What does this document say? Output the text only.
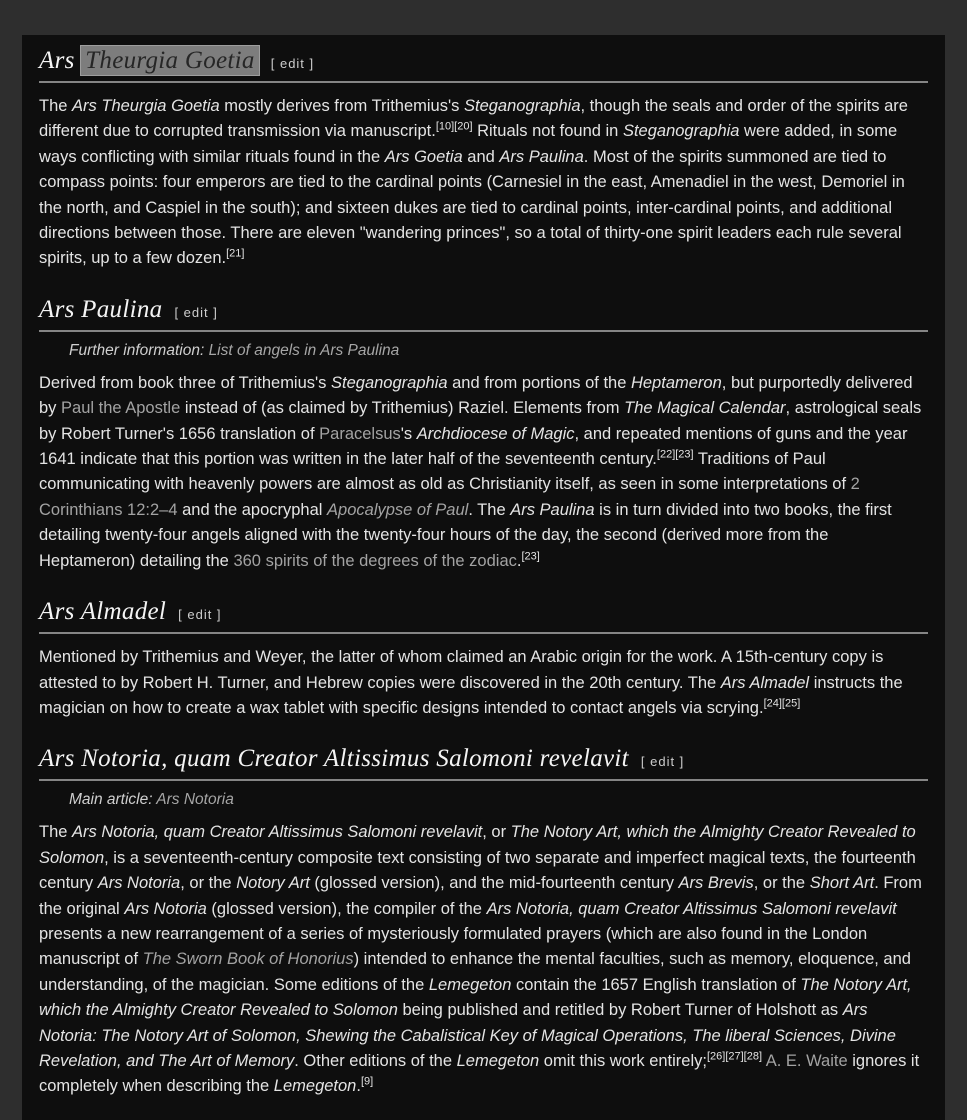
Ars Theurgia Goetia	[ edit ]

The Ars Theurgia Goetia mostly derives from Trithemius's Steganographia, though the seals and order of the spirits are different due to corrupted transmission via manuscript.[10][20] Rituals not found in Steganographia were added, in some ways conflicting with similar rituals found in the Ars Goetia and Ars Paulina. Most of the spirits summoned are tied to compass points: four emperors are tied to the cardinal points (Carnesiel in the east, Amenadiel in the west, Demoriel in the north, and Caspiel in the south); and sixteen dukes are tied to cardinal points, inter-cardinal points, and additional directions between those. There are eleven "wandering princes", so a total of thirty-one spirit leaders each rule several spirits, up to a few dozen.[21]

Ars Paulina [ edit ]
Further information: List of angels in Ars Paulina

Derived from book three of Trithemius's Steganographia and from portions of the Heptameron, but purportedly delivered by Paul the Apostle instead of (as claimed by Trithemius) Raziel. Elements from The Magical Calendar, astrological seals by Robert Turner's 1656 translation of Paracelsus's Archdiocese of Magic, and repeated mentions of guns and the year 1641 indicate that this portion was written in the later half of the seventeenth century.[22][23] Traditions of Paul communicating with heavenly powers are almost as old as Christianity itself, as seen in some interpretations of 2 Corinthians 12:2–4 and the apocryphal Apocalypse of Paul. The Ars Paulina is in turn divided into two books, the first detailing twenty-four angels aligned with the twenty-four hours of the day, the second (derived more from the Heptameron) detailing the 360 spirits of the degrees of the zodiac.[23]

Ars Almadel [ edit ]

Mentioned by Trithemius and Weyer, the latter of whom claimed an Arabic origin for the work. A 15th-century copy is attested to by Robert H. Turner, and Hebrew copies were discovered in the 20th century. The Ars Almadel instructs the magician on how to create a wax tablet with specific designs intended to contact angels via scrying.[24][25]

Ars Notoria, quam Creator Altissimus Salomoni revelavit [ edit ]
Main article: Ars Notoria

The Ars Notoria, quam Creator Altissimus Salomoni revelavit, or The Notory Art, which the Almighty Creator Revealed to Solomon, is a seventeenth-century composite text consisting of two separate and imperfect magical texts, the fourteenth century Ars Notoria, or the Notory Art (glossed version), and the mid-fourteenth century Ars Brevis, or the Short Art. From the original Ars Notoria (glossed version), the compiler of the Ars Notoria, quam Creator Altissimus Salomoni revelavit presents a new rearrangement of a series of mysteriously formulated prayers (which are also found in the London manuscript of The Sworn Book of Honorius) intended to enhance the mental faculties, such as memory, eloquence, and understanding, of the magician. Some editions of the Lemegeton contain the 1657 English translation of The Notory Art, which the Almighty Creator Revealed to Solomon being published and retitled by Robert Turner of Holshott as Ars Notoria: The Notory Art of Solomon, Shewing the Cabalistical Key of Magical Operations, The liberal Sciences, Divine Revelation, and The Art of Memory. Other editions of the Lemegeton omit this work entirely;[26][27][28] A. E. Waite ignores it completely when describing the Lemegeton.[9]
